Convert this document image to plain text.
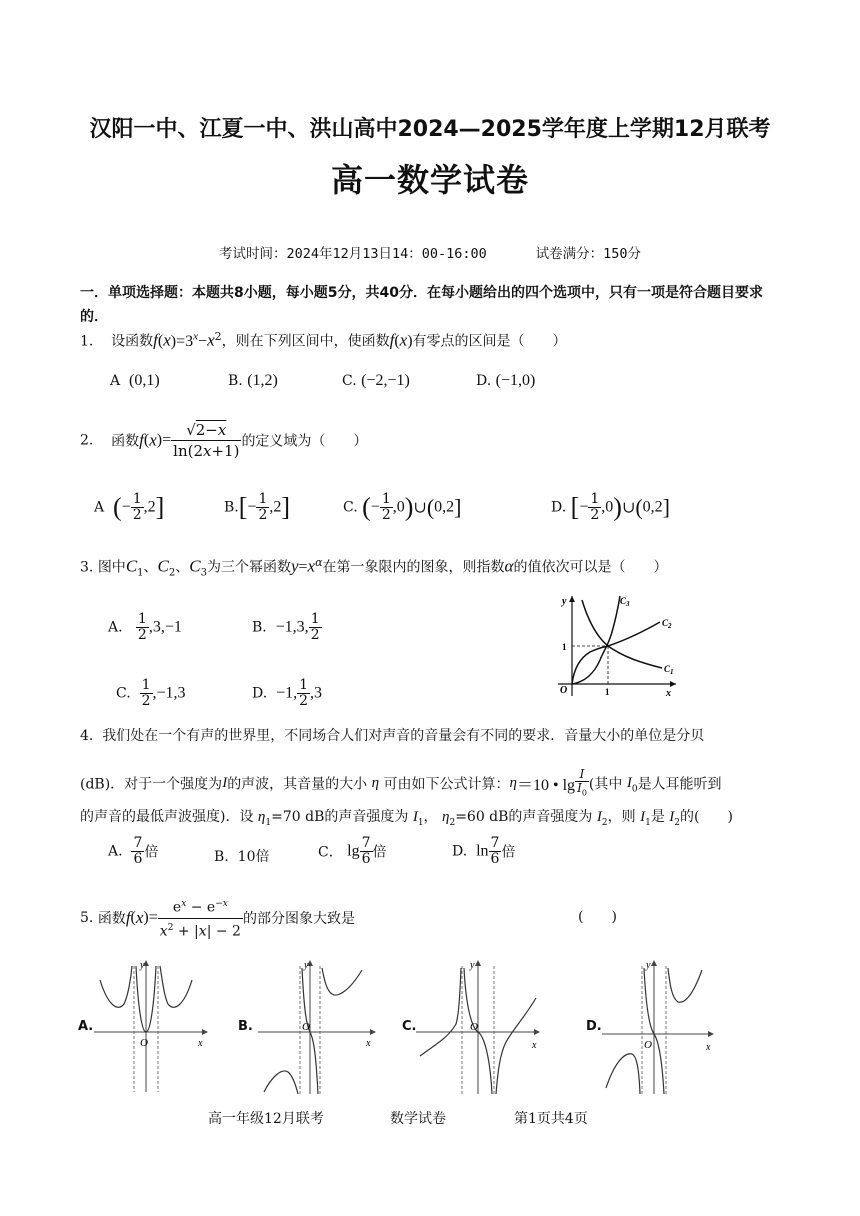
汉阳一中、江夏一中、洪山高中2024—2025学年度上学期12月联考
高一数学试卷
考试时间：2024年12月13日14：00-16:00	试卷满分：150分
一．单项选择题：本题共8小题，每小题5分，共40分．在每小题给出的四个选项中，只有一项是符合题目要求的．
1. 设函数$f(x)=3^x-x^2$，则在下列区间中，使函数f(x)有零点的区间是（　　）
A (0,1)	B. (1,2)	C. (−2,−1)	D. (−1,0)
2. 函数$f(x)= \frac{√2-x}{\ln(2x+1)}$ 的定义域为（　　）
A (− $\frac{1}{2} ,2$]	$B.[- \frac{1}{2} ,2]$	C. (− $\frac{1}{2}$ ,0)∪(0,2]	D. [− $\frac{1}{2}$ ,0)∪(0,2]
3. 图中$C_1$、$C_2$、$C_3$为三个幂函数$y=x^\alpha$在第一象限内的图象，则指数α的值依次可以是（　　）
A. $\frac{1}{2} ,3,-1$	B. −1,3, $\frac{1}{2}$
C. $\frac{1}{2} ,-1,3$	D. −1, $\frac{1}{2} ,3$
y
x
O	1
1
$C_3$
$C_2$
$C_1$
4. 我们处在一个有声的世界里，不同场合人们对声音的音量会有不同的要求．音量大小的单位是分贝
(dB)．对于一个强度为I的声波，其音量的大小 η 可由如下公式计算：η＝10 • $\lg \frac{I}{I_0}$ (其中 $I_0$是人耳能听到
的声音的最低声波强度)．设 $\eta_1=70$ dB的声音强度为 $I_1$， $\eta_2=60$ dB的声音强度为 $I_2$，则 $I_1$是 $I_2$的(　　)
A. $\frac{7}{6}$ 倍	B. 10倍	C． $\lg \frac{7}{6}$ 倍	D. $\ln \frac{7}{6}$ 倍
5. 函数$f(x)= \frac{e^x - e^{-x}}{x^2 + |x| - 2}$ 的部分图象大致是	(　　)
A.
O	x
y
B.	O
x
y
C.	O
x
y
D.
O	x
y
高一年级12月联考	数学试卷	第1页共4页
